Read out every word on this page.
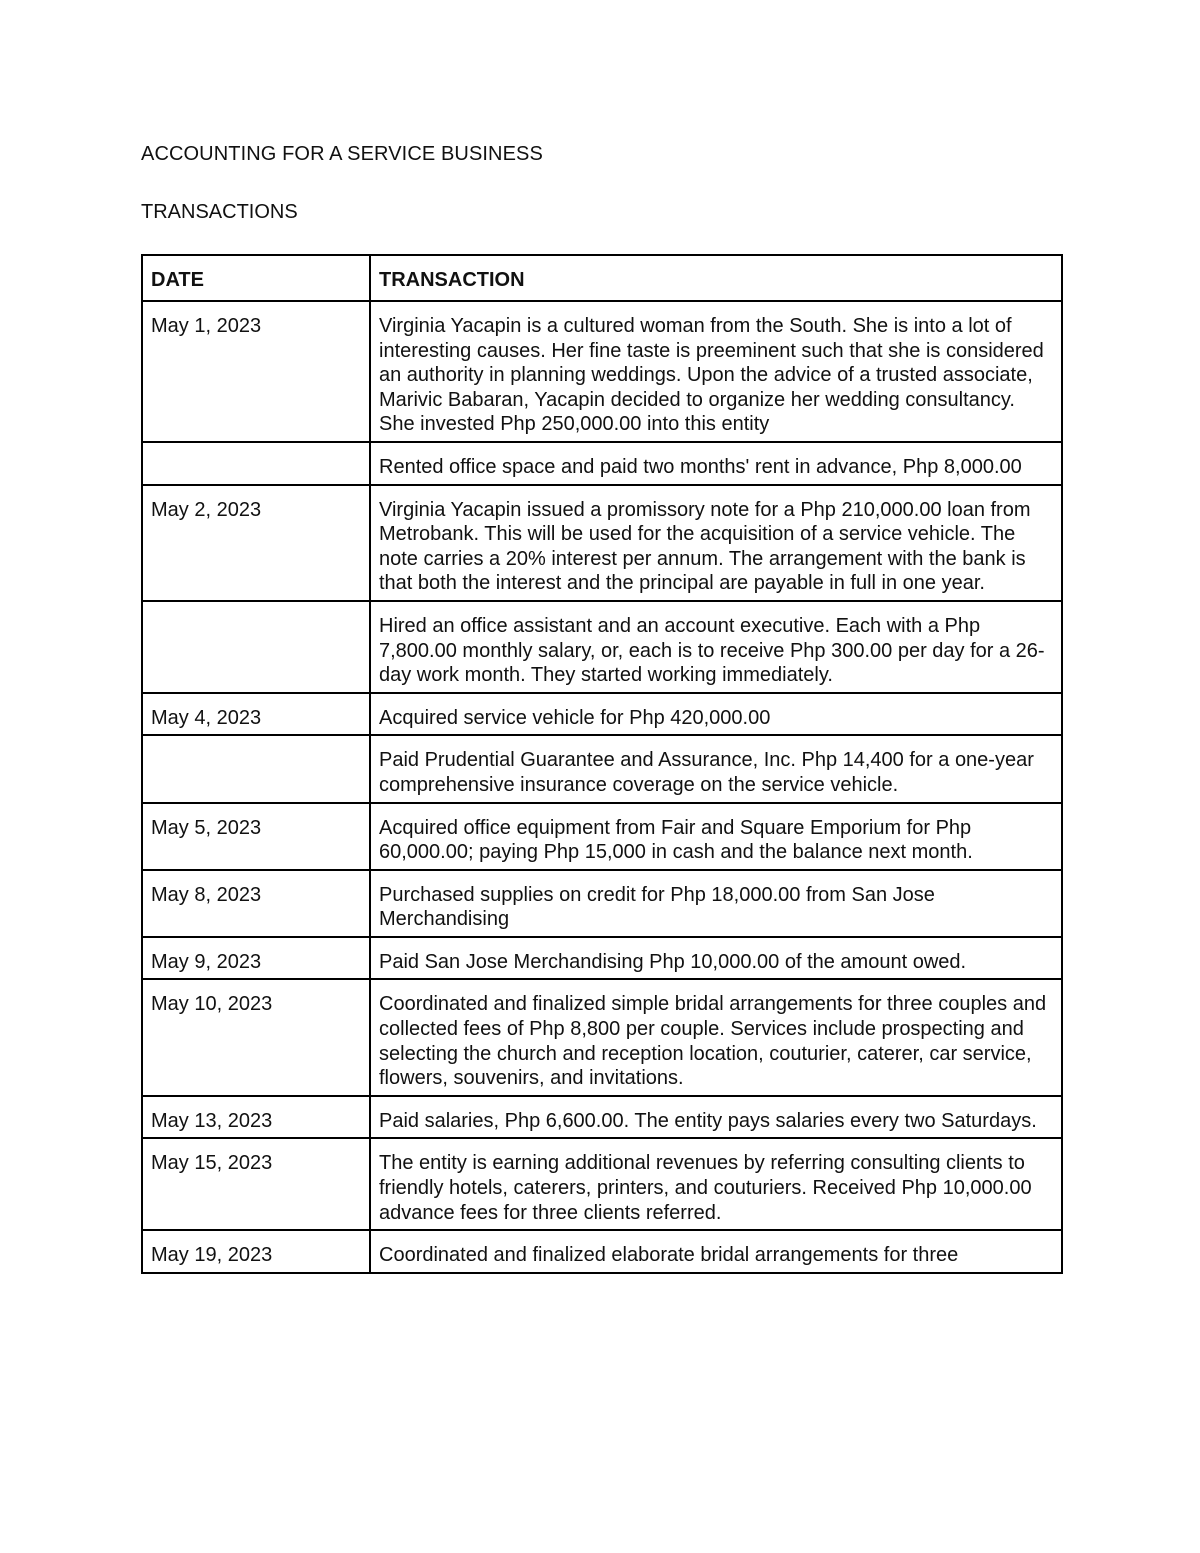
ACCOUNTING FOR A SERVICE BUSINESS
TRANSACTIONS
DATE	TRANSACTION
May 1, 2023	Virginia Yacapin is a cultured woman from the South. She is into a lot of interesting causes. Her fine taste is preeminent such that she is considered an authority in planning weddings. Upon the advice of a trusted associate, Marivic Babaran, Yacapin decided to organize her wedding consultancy. She invested Php 250,000.00 into this entity

	Rented office space and paid two months' rent in advance, Php 8,000.00

May 2, 2023	Virginia Yacapin issued a promissory note for a Php 210,000.00 loan from Metrobank. This will be used for the acquisition of a service vehicle. The note carries a 20% interest per annum. The arrangement with the bank is that both the interest and the principal are payable in full in one year.

	Hired an office assistant and an account executive. Each with a Php 7,800.00 monthly salary, or, each is to receive Php 300.00 per day for a 26-day work month. They started working immediately.

May 4, 2023	Acquired service vehicle for Php 420,000.00

	Paid Prudential Guarantee and Assurance, Inc. Php 14,400 for a one-year comprehensive insurance coverage on the service vehicle.

May 5, 2023	Acquired office equipment from Fair and Square Emporium for Php 60,000.00; paying Php 15,000 in cash and the balance next month.

May 8, 2023	Purchased supplies on credit for Php 18,000.00 from San Jose Merchandising

May 9, 2023	Paid San Jose Merchandising Php 10,000.00 of the amount owed.

May 10, 2023	Coordinated and finalized simple bridal arrangements for three couples and collected fees of Php 8,800 per couple. Services include prospecting and selecting the church and reception location, couturier, caterer, car service, flowers, souvenirs, and invitations.

May 13, 2023	Paid salaries, Php 6,600.00. The entity pays salaries every two Saturdays.

May 15, 2023	The entity is earning additional revenues by referring consulting clients to friendly hotels, caterers, printers, and couturiers. Received Php 10,000.00 advance fees for three clients referred.

May 19, 2023	Coordinated and finalized elaborate bridal arrangements for three
